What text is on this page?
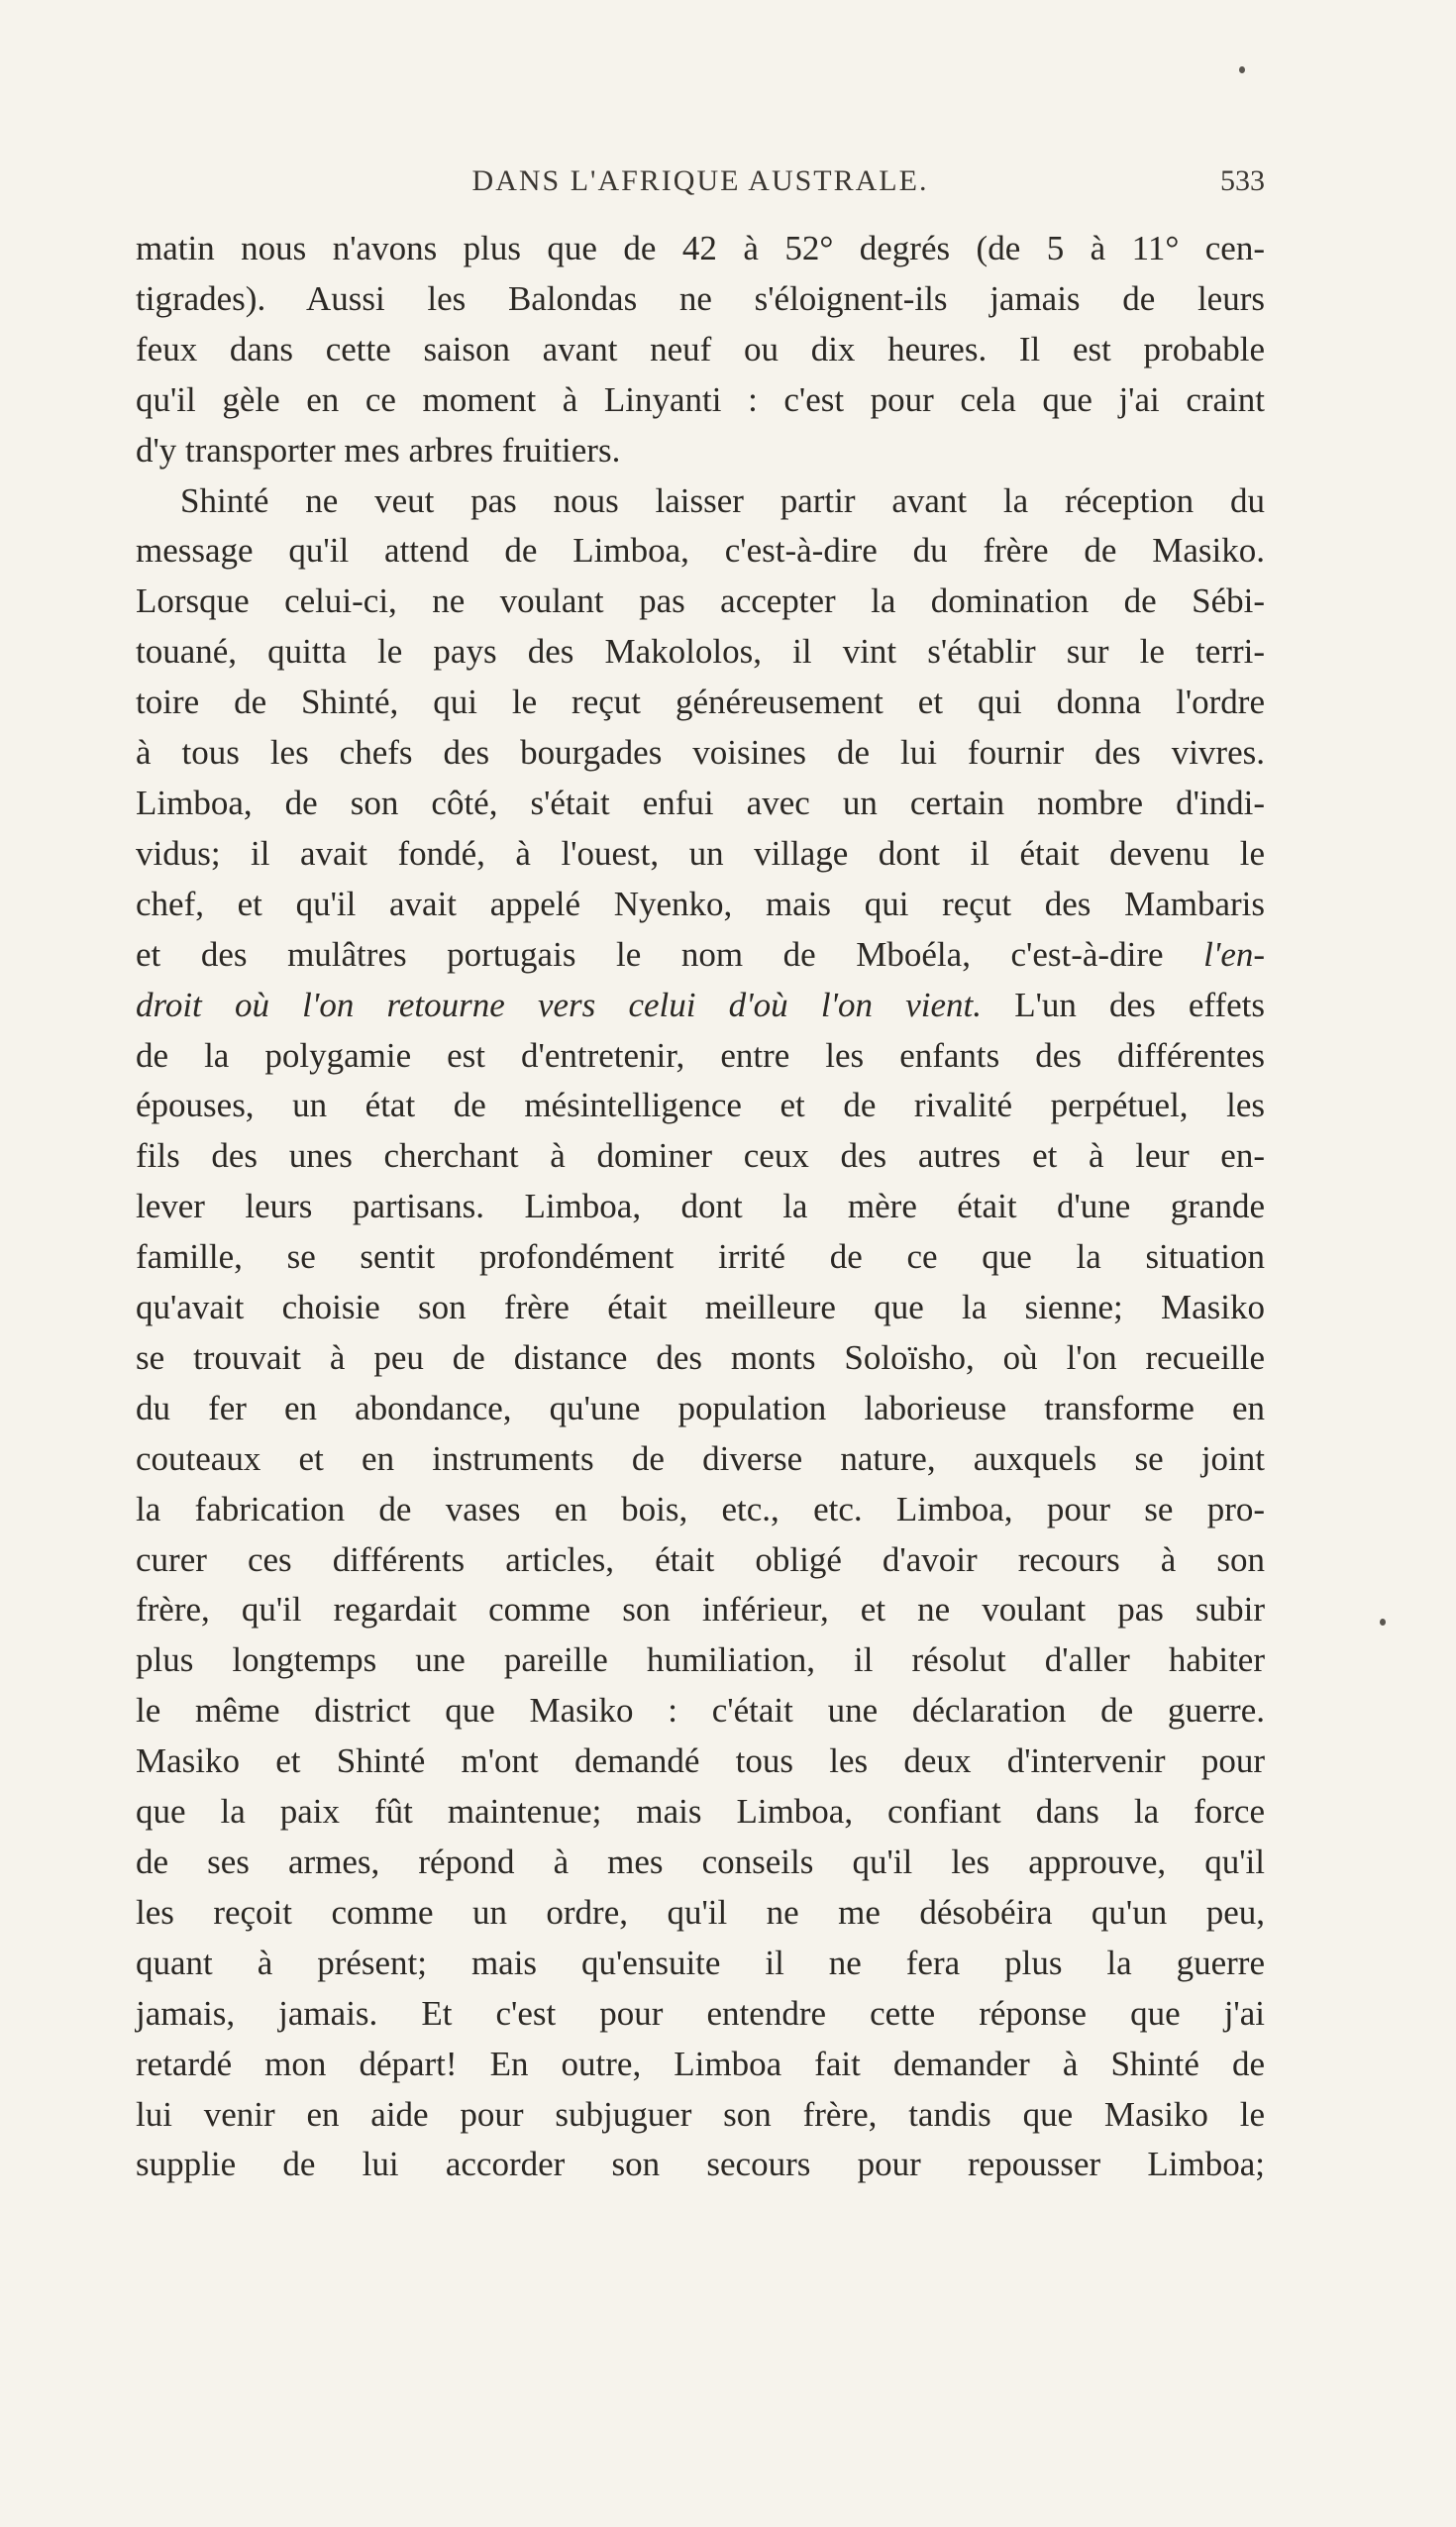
DANS L'AFRIQUE AUSTRALE.	533
matin nous n'avons plus que de 42 à 52° degrés (de 5 à 11° cen-
tigrades). Aussi les Balondas ne s'éloignent-ils jamais de leurs
feux dans cette saison avant neuf ou dix heures. Il est probable
qu'il gèle en ce moment à Linyanti : c'est pour cela que j'ai craint
d'y transporter mes arbres fruitiers.
Shinté ne veut pas nous laisser partir avant la réception du
message qu'il attend de Limboa, c'est-à-dire du frère de Masiko.
Lorsque celui-ci, ne voulant pas accepter la domination de Sébi-
touané, quitta le pays des Makololos, il vint s'établir sur le terri-
toire de Shinté, qui le reçut généreusement et qui donna l'ordre
à tous les chefs des bourgades voisines de lui fournir des vivres.
Limboa, de son côté, s'était enfui avec un certain nombre d'indi-
vidus; il avait fondé, à l'ouest, un village dont il était devenu le
chef, et qu'il avait appelé Nyenko, mais qui reçut des Mambaris
et des mulâtres portugais le nom de Mboéla, c'est-à-dire l'en-
droit où l'on retourne vers celui d'où l'on vient. L'un des effets
de la polygamie est d'entretenir, entre les enfants des différentes
épouses, un état de mésintelligence et de rivalité perpétuel, les
fils des unes cherchant à dominer ceux des autres et à leur en-
lever leurs partisans. Limboa, dont la mère était d'une grande
famille, se sentit profondément irrité de ce que la situation
qu'avait choisie son frère était meilleure que la sienne; Masiko
se trouvait à peu de distance des monts Soloïsho, où l'on recueille
du fer en abondance, qu'une population laborieuse transforme en
couteaux et en instruments de diverse nature, auxquels se joint
la fabrication de vases en bois, etc., etc. Limboa, pour se pro-
curer ces différents articles, était obligé d'avoir recours à son
frère, qu'il regardait comme son inférieur, et ne voulant pas subir
plus longtemps une pareille humiliation, il résolut d'aller habiter
le même district que Masiko : c'était une déclaration de guerre.
Masiko et Shinté m'ont demandé tous les deux d'intervenir pour
que la paix fût maintenue; mais Limboa, confiant dans la force
de ses armes, répond à mes conseils qu'il les approuve, qu'il
les reçoit comme un ordre, qu'il ne me désobéira qu'un peu,
quant à présent; mais qu'ensuite il ne fera plus la guerre
jamais, jamais. Et c'est pour entendre cette réponse que j'ai
retardé mon départ! En outre, Limboa fait demander à Shinté de
lui venir en aide pour subjuguer son frère, tandis que Masiko le
supplie de lui accorder son secours pour repousser Limboa;
